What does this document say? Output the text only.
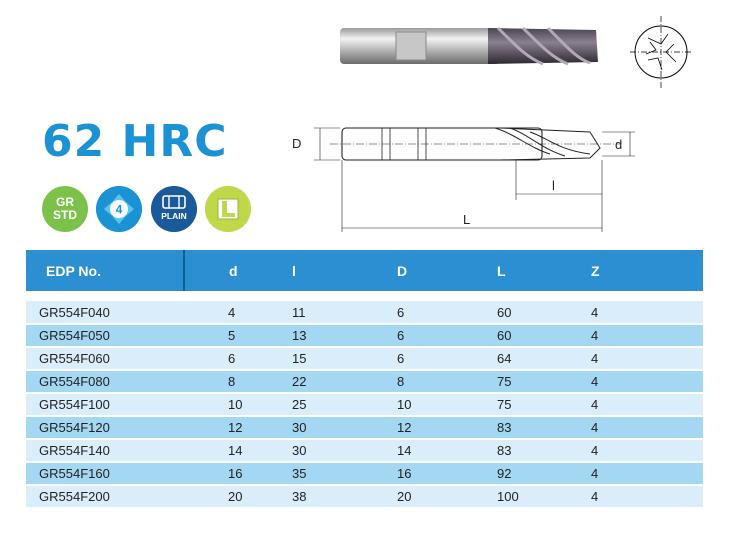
62 HRC
GR
STD	4	PLAIN
D	d
l
L
EDP No.	d	l	D	L	Z

GR554F040	4	11	6	60	4
GR554F050	5	13	6	60	4
GR554F060	6	15	6	64	4
GR554F080	8	22	8	75	4
GR554F100	10	25	10	75	4
GR554F120	12	30	12	83	4
GR554F140	14	30	14	83	4
GR554F160	16	35	16	92	4
GR554F200	20	38	20	100	4
